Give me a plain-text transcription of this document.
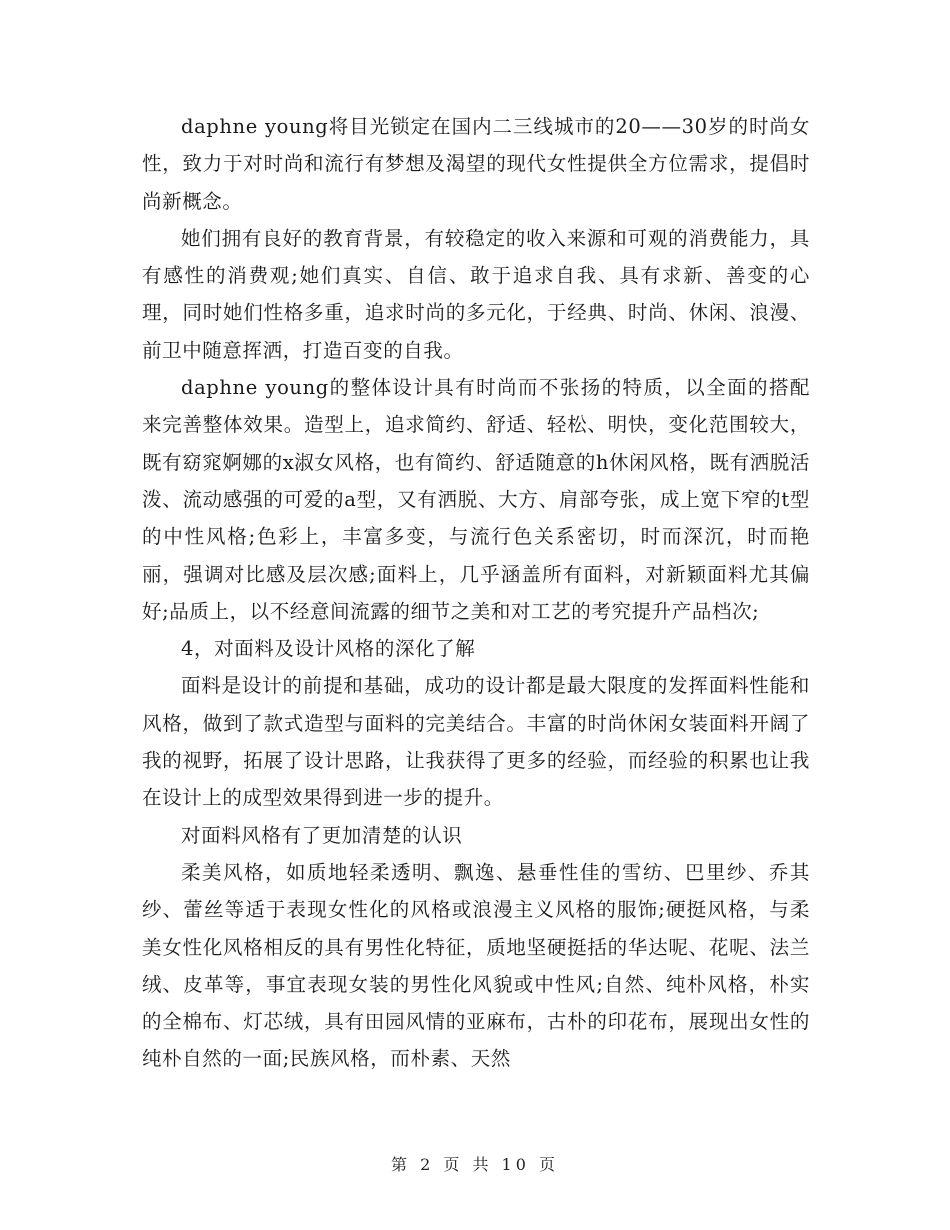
daphne young将目光锁定在国内二三线城市的20——30岁的时尚女性，致力于对时尚和流行有梦想及渴望的现代女性提供全方位需求，提倡时尚新概念。

她们拥有良好的教育背景，有较稳定的收入来源和可观的消费能力，具有感性的消费观;她们真实、自信、敢于追求自我、具有求新、善变的心理，同时她们性格多重，追求时尚的多元化，于经典、时尚、休闲、浪漫、前卫中随意挥洒，打造百变的自我。

daphne young的整体设计具有时尚而不张扬的特质，以全面的搭配来完善整体效果。造型上，追求简约、舒适、轻松、明快，变化范围较大，既有窈窕婀娜的x淑女风格，也有简约、舒适随意的h休闲风格，既有洒脱活泼、流动感强的可爱的a型，又有洒脱、大方、肩部夸张，成上宽下窄的t型的中性风格;色彩上，丰富多变，与流行色关系密切，时而深沉，时而艳丽，强调对比感及层次感;面料上，几乎涵盖所有面料，对新颖面料尤其偏好;品质上，以不经意间流露的细节之美和对工艺的考究提升产品档次;

4，对面料及设计风格的深化了解

面料是设计的前提和基础，成功的设计都是最大限度的发挥面料性能和风格，做到了款式造型与面料的完美结合。丰富的时尚休闲女装面料开阔了我的视野，拓展了设计思路，让我获得了更多的经验，而经验的积累也让我在设计上的成型效果得到进一步的提升。

对面料风格有了更加清楚的认识

柔美风格，如质地轻柔透明、飘逸、悬垂性佳的雪纺、巴里纱、乔其纱、蕾丝等适于表现女性化的风格或浪漫主义风格的服饰;硬挺风格，与柔美女性化风格相反的具有男性化特征，质地坚硬挺括的华达呢、花呢、法兰绒、皮革等，事宜表现女装的男性化风貌或中性风;自然、纯朴风格，朴实的全棉布、灯芯绒，具有田园风情的亚麻布，古朴的印花布，展现出女性的纯朴自然的一面;民族风格，而朴素、天然

第 2 页 共 10 页
